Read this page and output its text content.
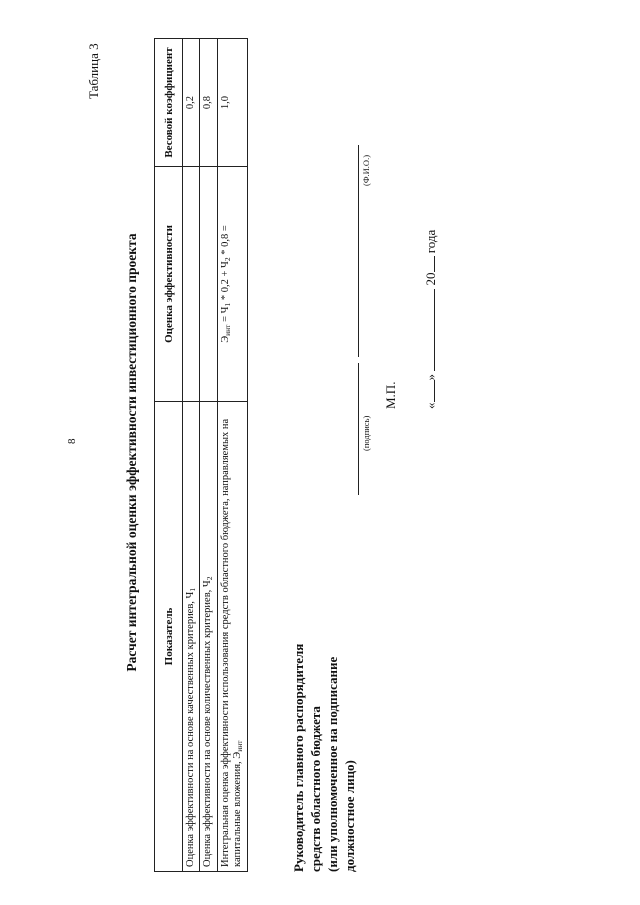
8
Таблица 3
Расчет интегральной оценки эффективности инвестиционного проекта Показатель	Оценка эффективности	Весовой коэффициент
Оценка эффективности на основе качественных критериев, $Ч_1$		0,2
Оценка эффективности на основе количественных критериев, $Ч_2$		0,8
Интегральная оценка эффективности использования средств областного бюджета, направляемых на капитальные вложения, $Э_{инт}$	$Э_{инт} = Ч_1 * 0,2 + Ч_2 * 0,8$ =	1,0
Руководитель главного распорядителя средств областного бюджета (или уполномоченное на подписание должностное лицо)
(подпись)
(Ф.И.О.)
М.П. «»  20 года
